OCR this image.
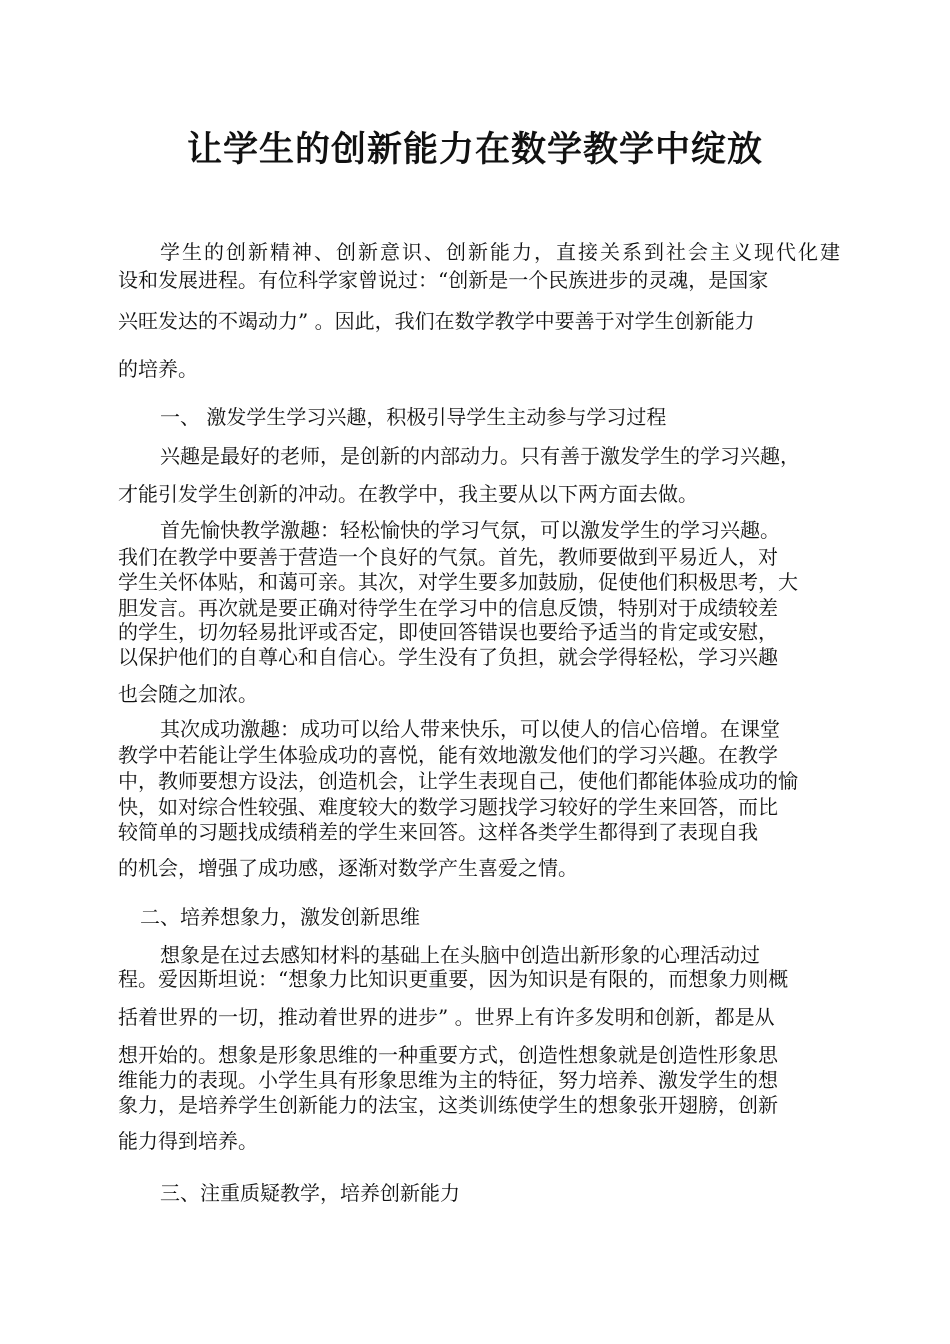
让学生的创新能力在数学教学中绽放

学生的创新精神、创新意识、创新能力，直接关系到社会主义现代化建

设和发展进程。有位科学家曾说过：“创新是一个民族进步的灵魂，是国家

兴旺发达的不竭动力” 。因此，我们在数学教学中要善于对学生创新能力

的培养。

一、 激发学生学习兴趣，积极引导学生主动参与学习过程

兴趣是最好的老师，是创新的内部动力。只有善于激发学生的学习兴趣，

才能引发学生创新的冲动。在教学中，我主要从以下两方面去做。

首先愉快教学激趣：轻松愉快的学习气氛，可以激发学生的学习兴趣。

我们在教学中要善于营造一个良好的气氛。首先，教师要做到平易近人，对

学生关怀体贴，和蔼可亲。其次，对学生要多加鼓励，促使他们积极思考，大

胆发言。再次就是要正确对待学生在学习中的信息反馈，特别对于成绩较差

的学生，切勿轻易批评或否定，即使回答错误也要给予适当的肯定或安慰，

以保护他们的自尊心和自信心。学生没有了负担，就会学得轻松，学习兴趣

也会随之加浓。

其次成功激趣：成功可以给人带来快乐，可以使人的信心倍增。在课堂

教学中若能让学生体验成功的喜悦，能有效地激发他们的学习兴趣。在教学

中，教师要想方设法，创造机会，让学生表现自己，使他们都能体验成功的愉

快，如对综合性较强、难度较大的数学习题找学习较好的学生来回答，而比

较简单的习题找成绩稍差的学生来回答。这样各类学生都得到了表现自我

的机会，增强了成功感，逐渐对数学产生喜爱之情。

二、培养想象力，激发创新思维

想象是在过去感知材料的基础上在头脑中创造出新形象的心理活动过

程。爱因斯坦说：“想象力比知识更重要，因为知识是有限的，而想象力则概

括着世界的一切，推动着世界的进步” 。世界上有许多发明和创新，都是从

想开始的。想象是形象思维的一种重要方式，创造性想象就是创造性形象思

维能力的表现。小学生具有形象思维为主的特征，努力培养、激发学生的想

象力，是培养学生创新能力的法宝，这类训练使学生的想象张开翅膀，创新

能力得到培养。

三、注重质疑教学，培养创新能力
